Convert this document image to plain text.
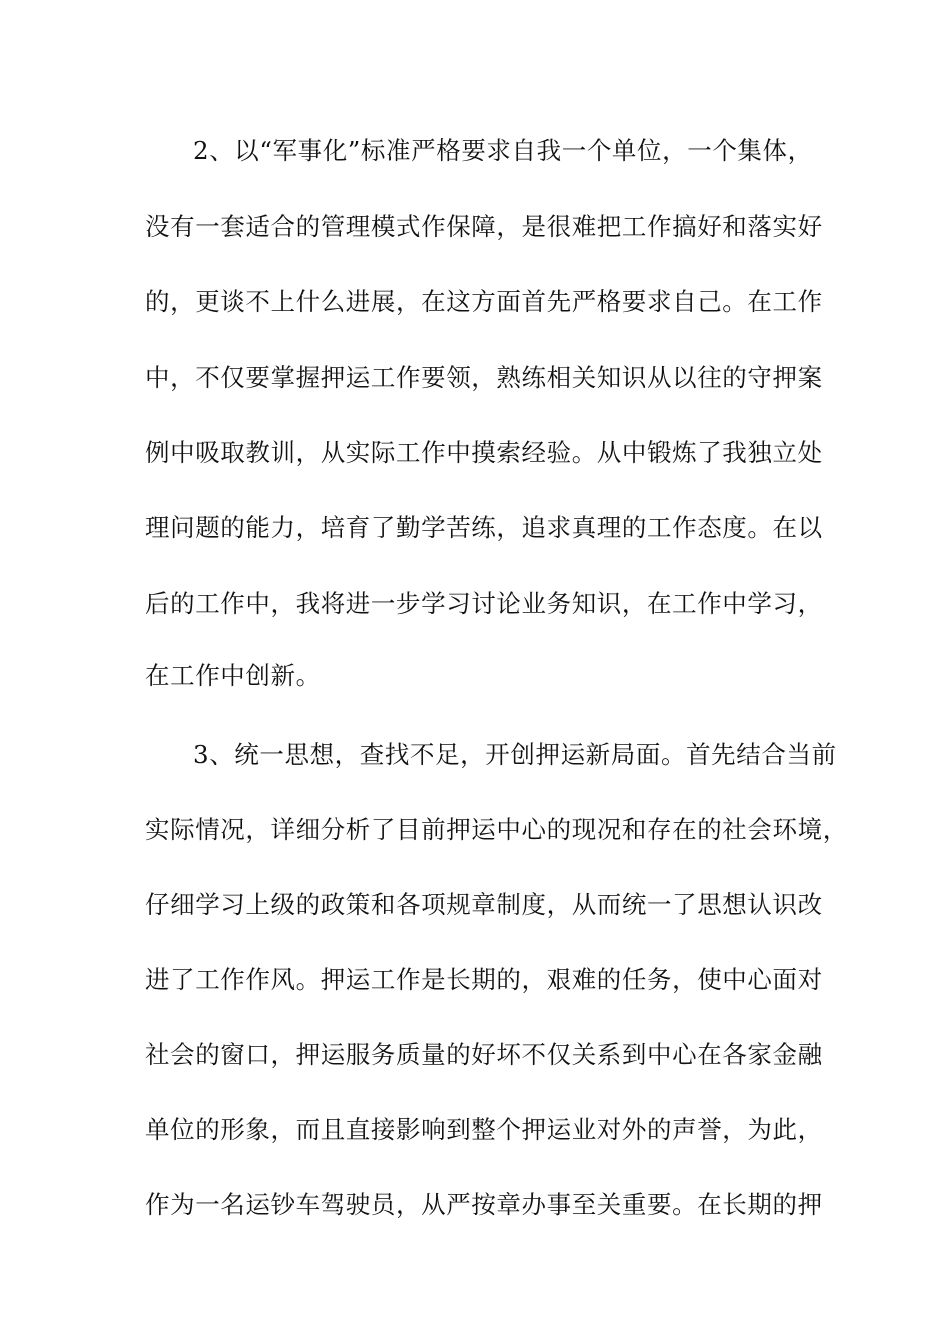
2、以“军事化”标准严格要求自我一个单位，一个集体，
没有一套适合的管理模式作保障，是很难把工作搞好和落实好
的，更谈不上什么进展，在这方面首先严格要求自己。在工作
中，不仅要掌握押运工作要领，熟练相关知识从以往的守押案
例中吸取教训，从实际工作中摸索经验。从中锻炼了我独立处
理问题的能力，培育了勤学苦练，追求真理的工作态度。在以
后的工作中，我将进一步学习讨论业务知识，在工作中学习，
在工作中创新。
3、统一思想，查找不足，开创押运新局面。首先结合当前
实际情况，详细分析了目前押运中心的现况和存在的社会环境，
仔细学习上级的政策和各项规章制度，从而统一了思想认识改
进了工作作风。押运工作是长期的，艰难的任务，使中心面对
社会的窗口，押运服务质量的好坏不仅关系到中心在各家金融
单位的形象，而且直接影响到整个押运业对外的声誉，为此，
作为一名运钞车驾驶员，从严按章办事至关重要。在长期的押
